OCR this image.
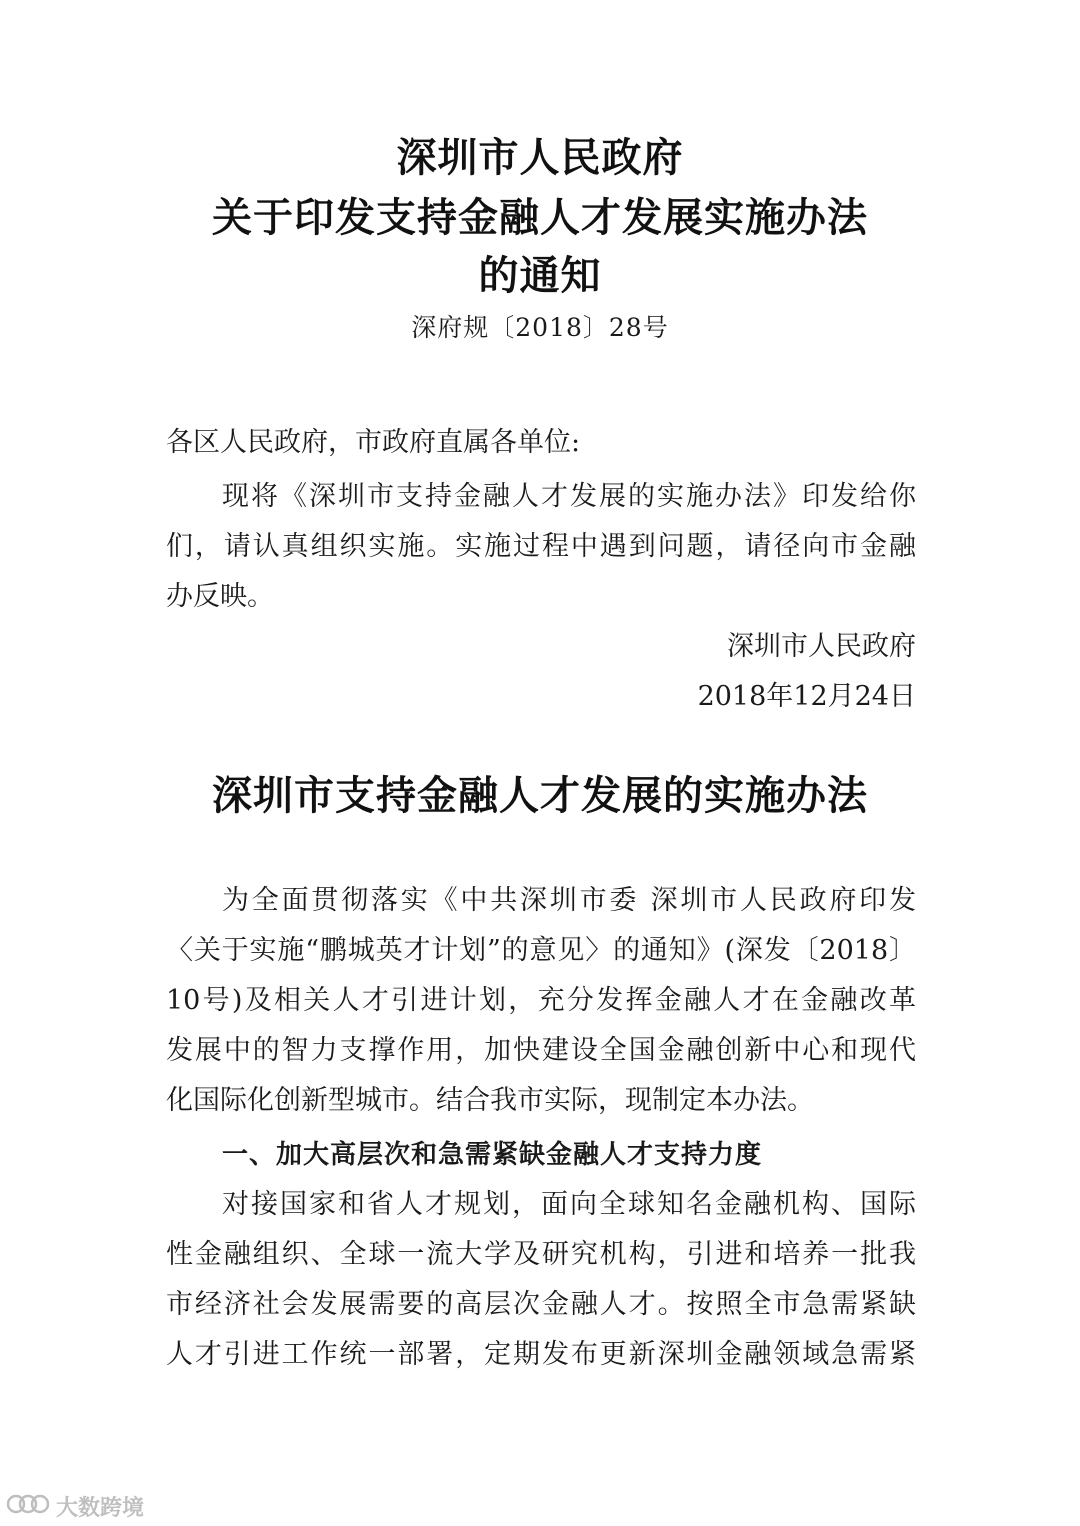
深圳市人民政府
关于印发支持金融人才发展实施办法
的通知
深府规〔2018〕28号
各区人民政府，市政府直属各单位:
现将《深圳市支持金融人才发展的实施办法》印发给你
们，请认真组织实施。实施过程中遇到问题，请径向市金融
办反映。
深圳市人民政府
2018年12月24日
深圳市支持金融人才发展的实施办法
为全面贯彻落实《中共深圳市委 深圳市人民政府印发
〈关于实施“鹏城英才计划”的意见〉的通知》(深发〔2018〕
10号)及相关人才引进计划，充分发挥金融人才在金融改革
发展中的智力支撑作用，加快建设全国金融创新中心和现代
化国际化创新型城市。结合我市实际，现制定本办法。
一、加大高层次和急需紧缺金融人才支持力度
对接国家和省人才规划，面向全球知名金融机构、国际
性金融组织、全球一流大学及研究机构，引进和培养一批我
市经济社会发展需要的高层次金融人才。按照全市急需紧缺
人才引进工作统一部署，定期发布更新深圳金融领域急需紧
大数跨境
